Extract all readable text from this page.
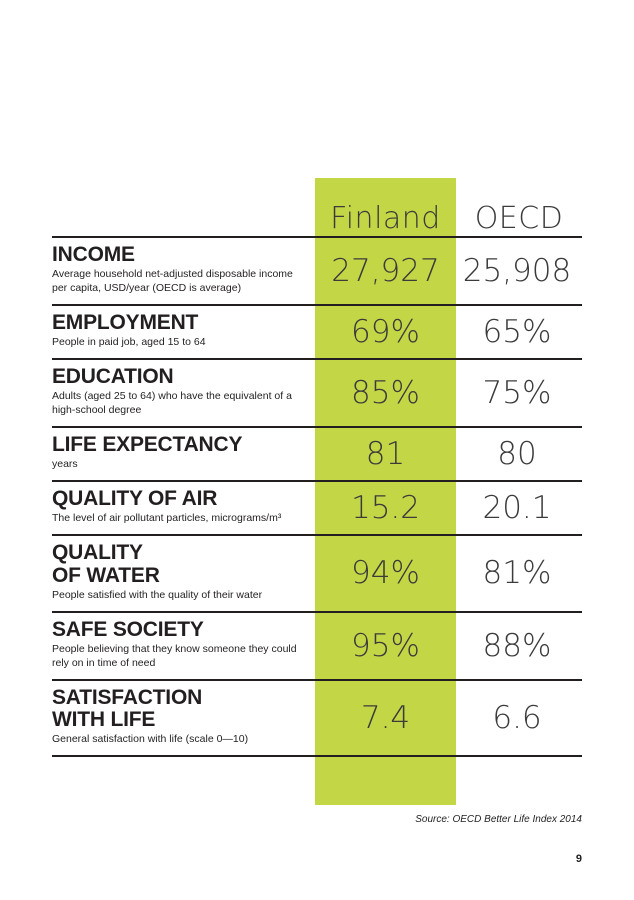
	Finland	OECD

INCOME
Average household net-adjusted disposable income per capita, USD/year (OECD is average)	27,927	25,908

EMPLOYMENT
People in paid job, aged 15 to 64	69%	65%

EDUCATION
Adults (aged 25 to 64) who have the equivalent of a high-school degree	85%	75%

LIFE EXPECTANCY
years	81	80

QUALITY OF AIR
The level of air pollutant particles, micrograms/m³	15.2	20.1

QUALITY
OF WATER
People satisfied with the quality of their water	94%	81%

SAFE SOCIETY
People believing that they know someone they could rely on in time of need	95%	88%

SATISFACTION
WITH LIFE
General satisfaction with life (scale 0—10)	7.4	6.6
Source: OECD Better Life Index 2014
9
